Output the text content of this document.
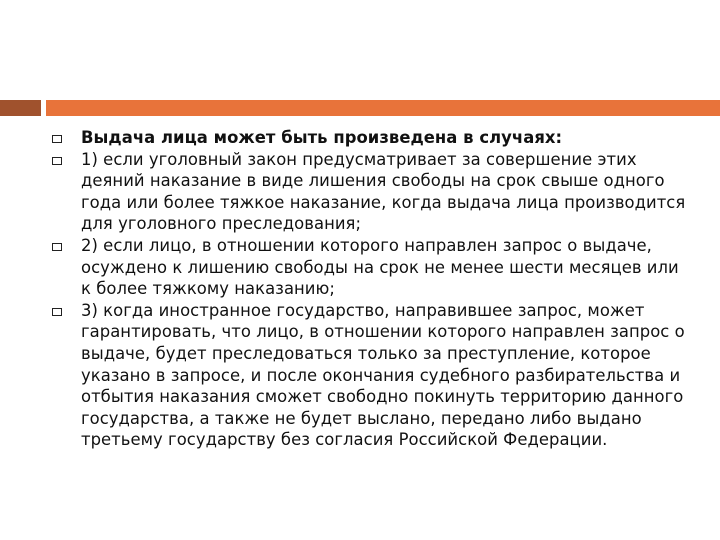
Выдача лица может быть произведена в случаях:
1) если уголовный закон предусматривает за совершение этих деяний наказание в виде лишения свободы на срок свыше одного года или более тяжкое наказание, когда выдача лица производится для уголовного преследования;
2) если лицо, в отношении которого направлен запрос о выдаче, осуждено к лишению свободы на срок не менее шести месяцев или к более тяжкому наказанию;
3) когда иностранное государство, направившее запрос, может гарантировать, что лицо, в отношении которого направлен запрос о выдаче, будет преследоваться только за преступление, которое указано в запросе, и после окончания судебного разбирательства и отбытия наказания сможет свободно покинуть территорию данного государства, а также не будет выслано, передано либо выдано третьему государству без согласия Российской Федерации.
